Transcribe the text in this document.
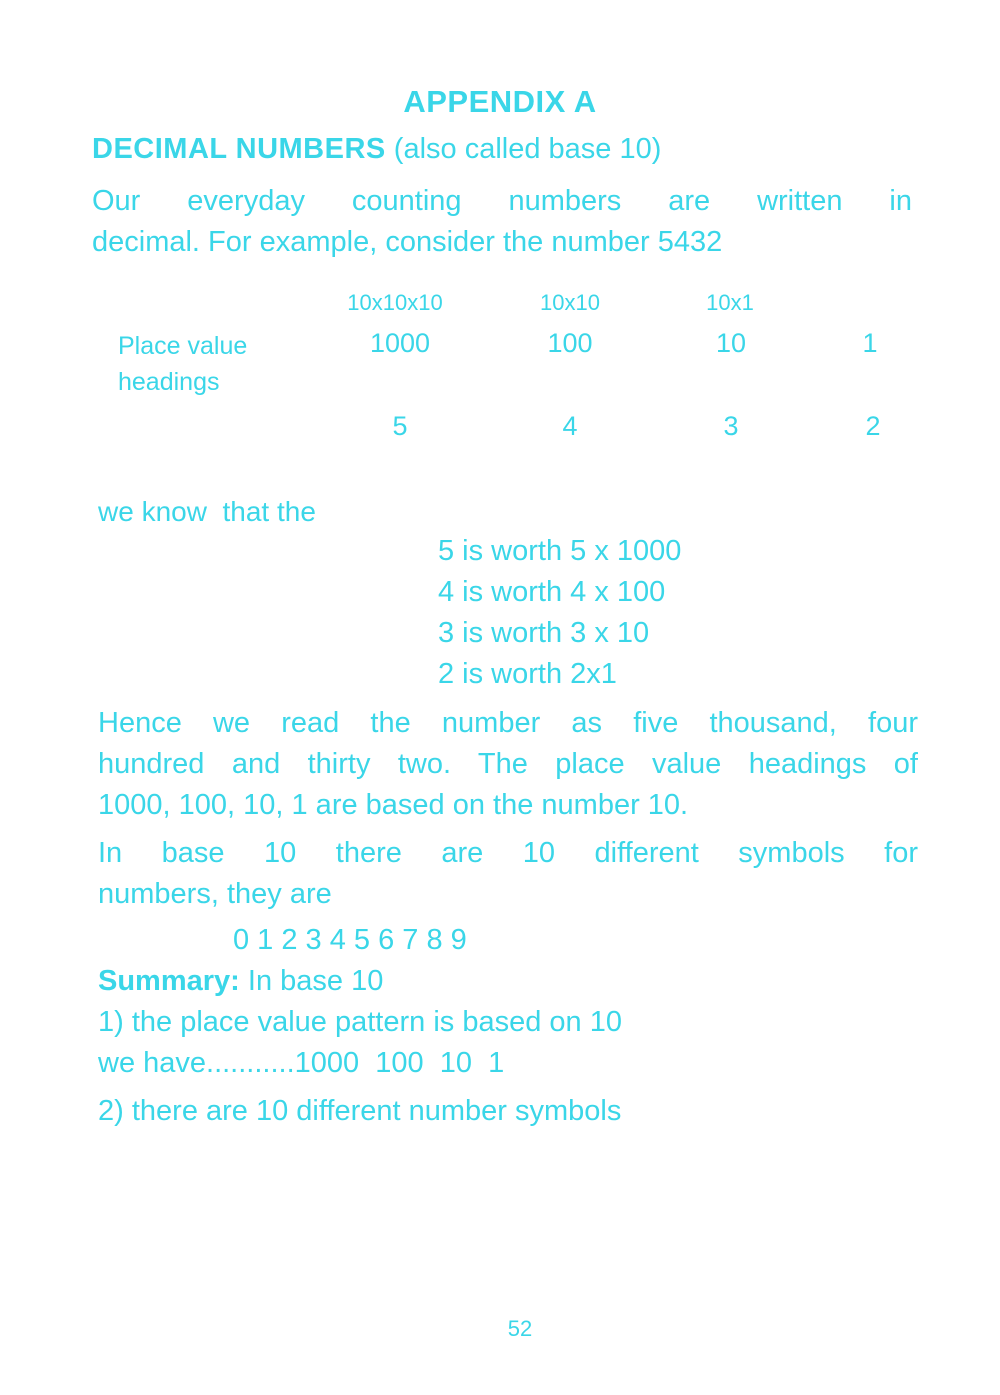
APPENDIX A
DECIMAL NUMBERS (also called base 10)
Our everyday counting numbers are written in
decimal. For example, consider the number 5432
10x10x10	10x10	10x1
Place value
headings
1000	100	10	1
5	4	3	2
we know  that the
5 is worth 5 x 1000
4 is worth 4 x 100
3 is worth 3 x 10
2 is worth 2x1
Hence we read the number as five thousand, four
hundred and thirty two. The place value headings of
1000, 100, 10, 1 are based on the number 10.
In base 10 there are 10 different symbols for
numbers, they are
0 1 2 3 4 5 6 7 8 9
Summary: In base 10
1) the place value pattern is based on 10
we have...........1000  100  10  1
2) there are 10 different number symbols
52
